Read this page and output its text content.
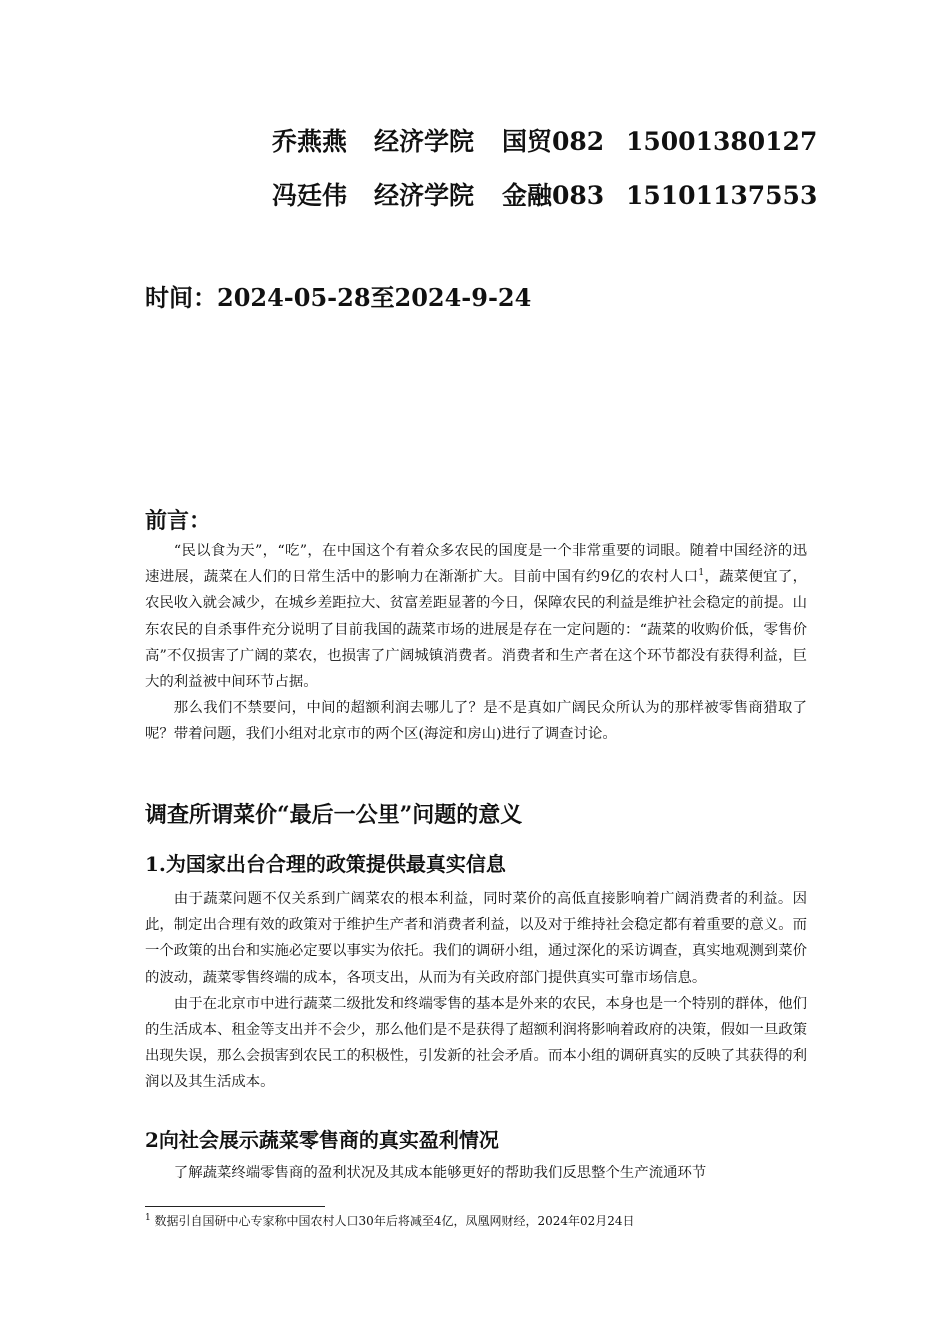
乔燕燕 经济学院 国贸082 15001380127
冯廷伟 经济学院 金融083 15101137553
时间：2024-05-28至2024-9-24
前言：

“民以食为天”，“吃”，在中国这个有着众多农民的国度是一个非常重要的词眼。随着中国经济的迅速进展，蔬菜在人们的日常生活中的影响力在渐渐扩大。目前中国有约9亿的农村人口$^1$，蔬菜便宜了，农民收入就会减少，在城乡差距拉大、贫富差距显著的今日，保障农民的利益是维护社会稳定的前提。山东农民的自杀事件充分说明了目前我国的蔬菜市场的进展是存在一定问题的：“蔬菜的收购价低，零售价高”不仅损害了广阔的菜农，也损害了广阔城镇消费者。消费者和生产者在这个环节都没有获得利益，巨大的利益被中间环节占据。

那么我们不禁要问，中间的超额利润去哪儿了？是不是真如广阔民众所认为的那样被零售商猎取了呢？带着问题，我们小组对北京市的两个区(海淀和房山)进行了调查讨论。

调查所谓菜价“最后一公里”问题的意义
1.为国家出台合理的政策提供最真实信息

由于蔬菜问题不仅关系到广阔菜农的根本利益，同时菜价的高低直接影响着广阔消费者的利益。因此，制定出合理有效的政策对于维护生产者和消费者利益，以及对于维持社会稳定都有着重要的意义。而一个政策的出台和实施必定要以事实为依托。我们的调研小组，通过深化的采访调查，真实地观测到菜价的波动，蔬菜零售终端的成本，各项支出，从而为有关政府部门提供真实可靠市场信息。

由于在北京市中进行蔬菜二级批发和终端零售的基本是外来的农民，本身也是一个特别的群体，他们的生活成本、租金等支出并不会少，那么他们是不是获得了超额利润将影响着政府的决策，假如一旦政策出现失误，那么会损害到农民工的积极性，引发新的社会矛盾。而本小组的调研真实的反映了其获得的利润以及其生活成本。

2向社会展示蔬菜零售商的真实盈利情况

了解蔬菜终端零售商的盈利状况及其成本能够更好的帮助我们反思整个生产流通环节

$^1$ 数据引自国研中心专家称中国农村人口30年后将减至4亿，凤凰网财经，2024年02月24日
